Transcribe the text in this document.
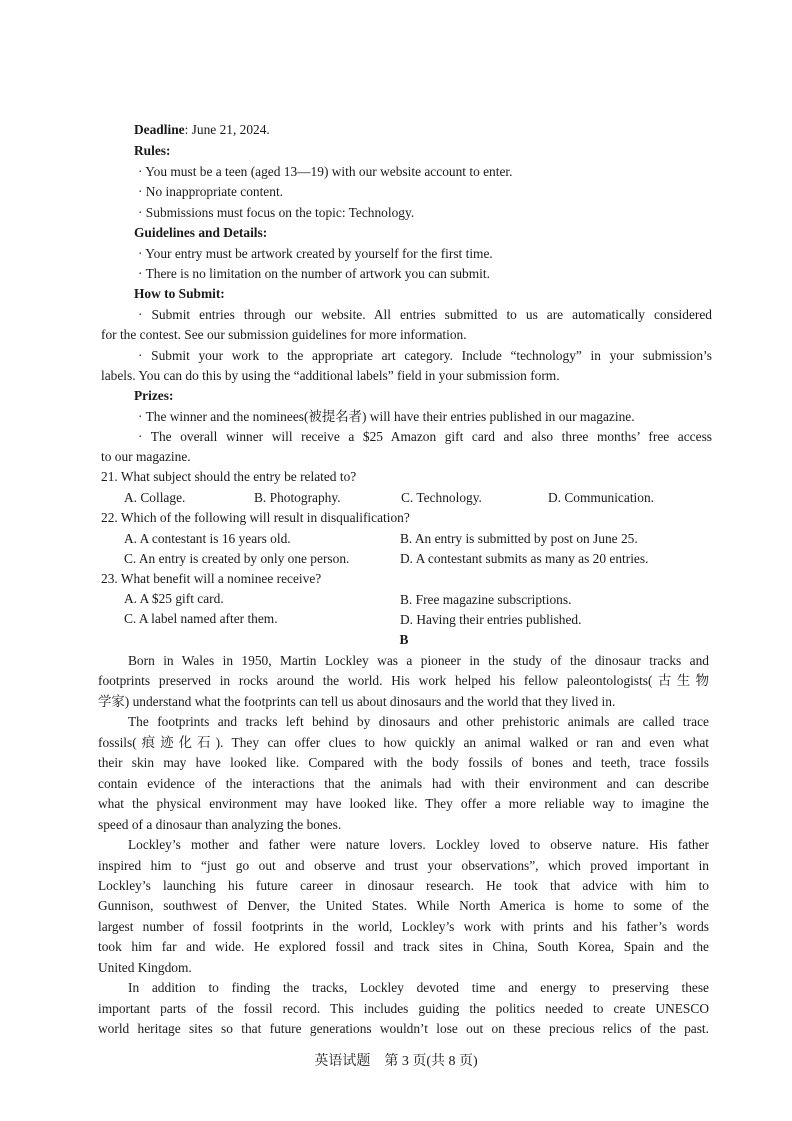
Deadline: June 21, 2024.
Rules:
· You must be a teen (aged 13—19) with our website account to enter.
· No inappropriate content.
· Submissions must focus on the topic: Technology.
Guidelines and Details:
· Your entry must be artwork created by yourself for the first time.
· There is no limitation on the number of artwork you can submit.
How to Submit:
· Submit entries through our website. All entries submitted to us are automatically considered
for the contest. See our submission guidelines for more information.
· Submit your work to the appropriate art category. Include “technology” in your submission’s
labels. You can do this by using the “additional labels” field in your submission form.
Prizes:
· The winner and the nominees(被提名者) will have their entries published in our magazine.
· The overall winner will receive a $25 Amazon gift card and also three months’ free access
to our magazine.
21. What subject should the entry be related to?
A. Collage.	B. Photography.	C. Technology.	D. Communication.
22. Which of the following will result in disqualification?
A. A contestant is 16 years old.	B. An entry is submitted by post on June 25.
C. An entry is created by only one person.	D. A contestant submits as many as 20 entries.
23. What benefit will a nominee receive?
A. A $25 gift card.	B. Free magazine subscriptions.
C. A label named after them.	D. Having their entries published.
B
Born in Wales in 1950, Martin Lockley was a pioneer in the study of the dinosaur tracks and
footprints preserved in rocks around the world. His work helped his fellow paleontologists(古生物
学家) understand what the footprints can tell us about dinosaurs and the world that they lived in.
The footprints and tracks left behind by dinosaurs and other prehistoric animals are called trace
fossils(痕迹化石). They can offer clues to how quickly an animal walked or ran and even what
their skin may have looked like. Compared with the body fossils of bones and teeth, trace fossils
contain evidence of the interactions that the animals had with their environment and can describe
what the physical environment may have looked like. They offer a more reliable way to imagine the
speed of a dinosaur than analyzing the bones.
Lockley’s mother and father were nature lovers. Lockley loved to observe nature. His father
inspired him to “just go out and observe and trust your observations”, which proved important in
Lockley’s launching his future career in dinosaur research. He took that advice with him to
Gunnison, southwest of Denver, the United States. While North America is home to some of the
largest number of fossil footprints in the world, Lockley’s work with prints and his father’s words
took him far and wide. He explored fossil and track sites in China, South Korea, Spain and the
United Kingdom.
In addition to finding the tracks, Lockley devoted time and energy to preserving these
important parts of the fossil record. This includes guiding the politics needed to create UNESCO
world heritage sites so that future generations wouldn’t lose out on these precious relics of the past.
英语试题　第 3 页(共 8 页)
